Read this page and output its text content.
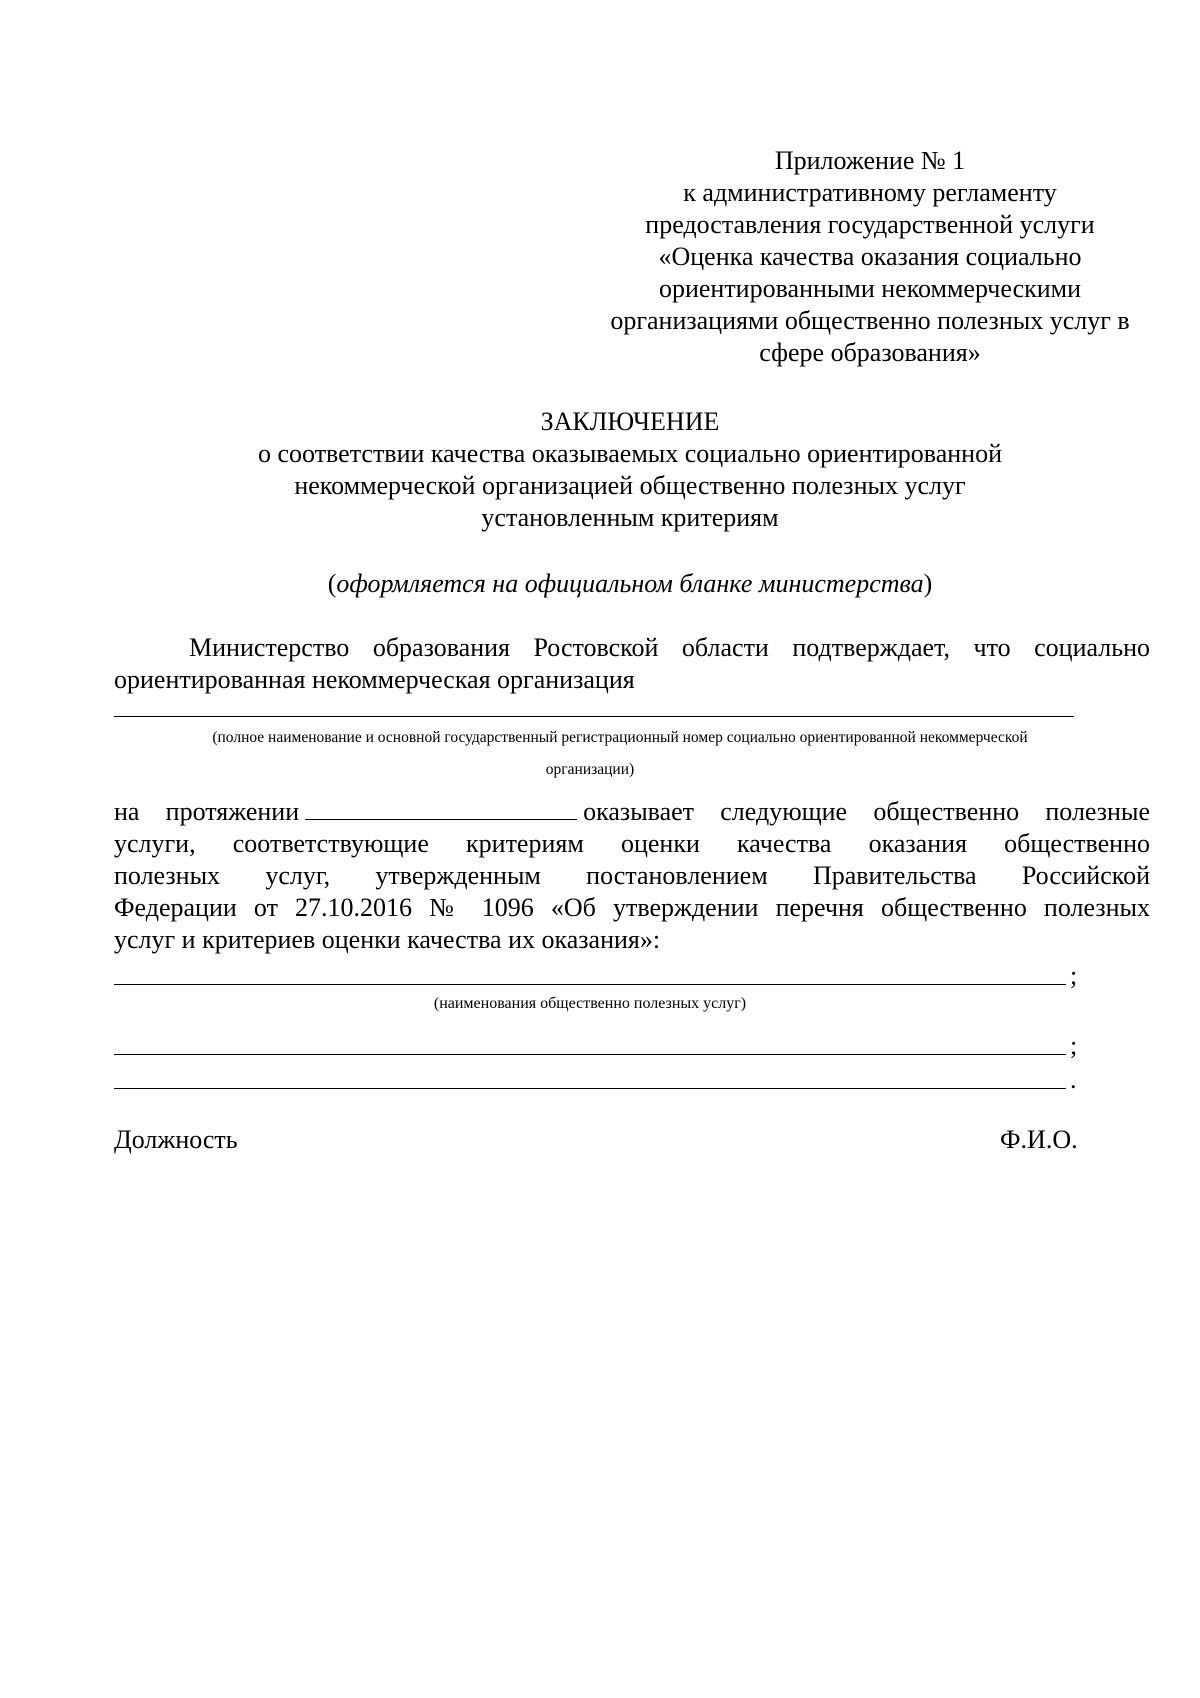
Приложение № 1
к административному регламенту
предоставления государственной услуги
«Оценка качества оказания социально
ориентированными некоммерческими
организациями общественно полезных услуг в
сфере образования»
ЗАКЛЮЧЕНИЕ
о соответствии качества оказываемых социально ориентированной
некоммерческой организацией общественно полезных услуг
установленным критериям
(оформляется на официальном бланке министерства)
Министерство образования Ростовской области подтверждает, что социально
ориентированная некоммерческая организация
(полное наименование и основной государственный регистрационный номер социально ориентированной некоммерческой
организации)
на протяжении	оказывает следующие общественно полезные
услуги, соответствующие критериям оценки качества оказания общественно
полезных услуг, утвержденным постановлением Правительства Российской
Федерации от 27.10.2016 № 1096 «Об утверждении перечня общественно полезных
услуг и критериев оценки качества их оказания»:
;
(наименования общественно полезных услуг)
;
.
Должность	Ф.И.О.
